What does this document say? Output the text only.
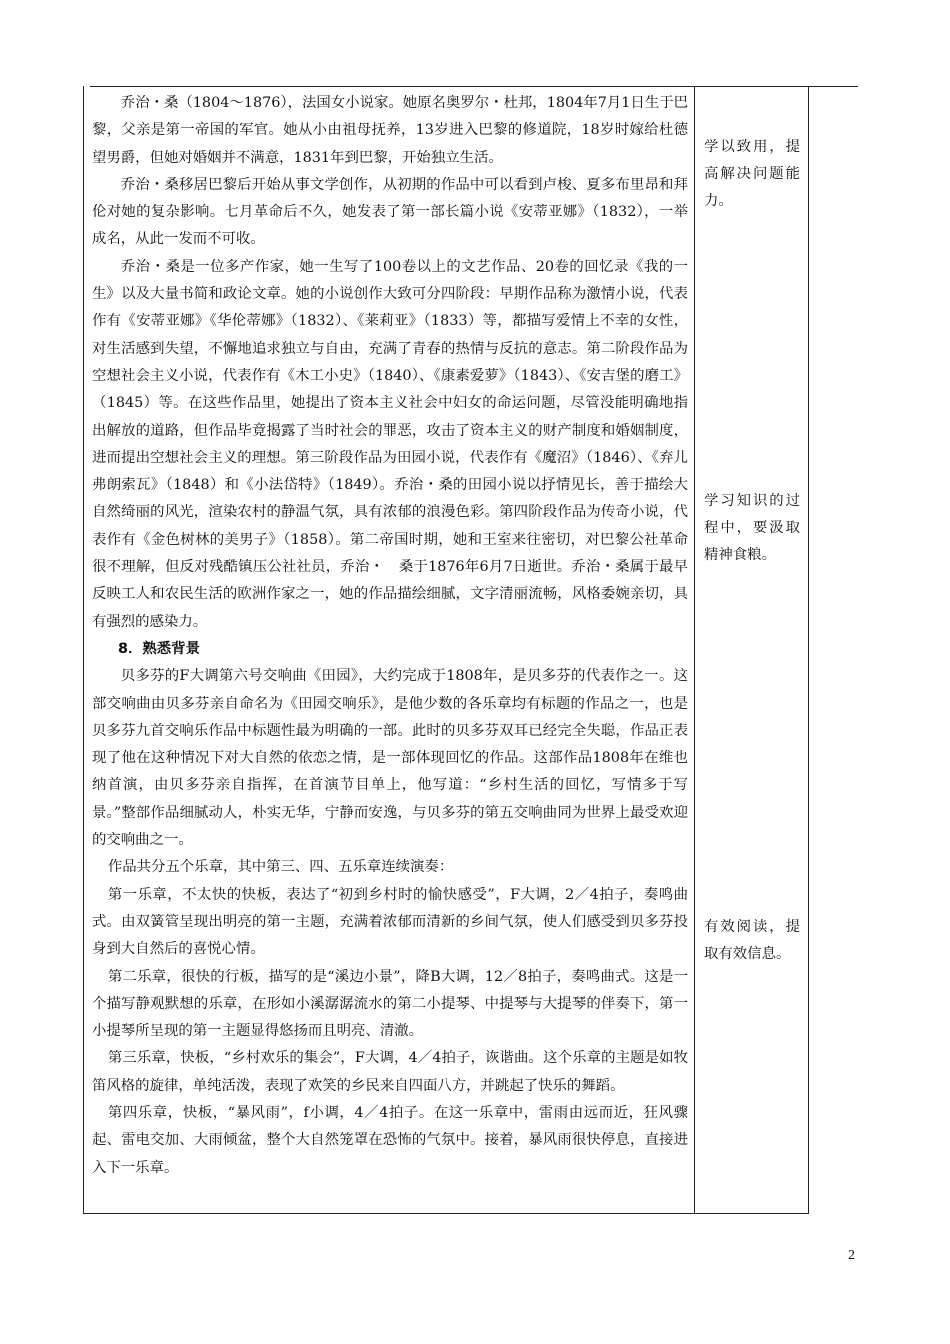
乔治・桑（1804～1876），法国女小说家。她原名奥罗尔・杜邦，1804年7月1日生于巴黎，父亲是第一帝国的军官。她从小由祖母抚养，13岁进入巴黎的修道院，18岁时嫁给杜德望男爵，但她对婚姻并不满意，1831年到巴黎，开始独立生活。

乔治・桑移居巴黎后开始从事文学创作，从初期的作品中可以看到卢梭、夏多布里昂和拜伦对她的复杂影响。七月革命后不久，她发表了第一部长篇小说《安蒂亚娜》（1832），一举成名，从此一发而不可收。

乔治・桑是一位多产作家，她一生写了100卷以上的文艺作品、20卷的回忆录《我的一生》以及大量书简和政论文章。她的小说创作大致可分四阶段：早期作品称为激情小说，代表作有《安蒂亚娜》《华伦蒂娜》（1832）、《莱莉亚》（1833）等，都描写爱情上不幸的女性，对生活感到失望，不懈地追求独立与自由，充满了青春的热情与反抗的意志。第二阶段作品为空想社会主义小说，代表作有《木工小史》（1840）、《康素爱萝》（1843）、《安吉堡的磨工》（1845）等。在这些作品里，她提出了资本主义社会中妇女的命运问题，尽管没能明确地指出解放的道路，但作品毕竟揭露了当时社会的罪恶，攻击了资本主义的财产制度和婚姻制度，进而提出空想社会主义的理想。第三阶段作品为田园小说，代表作有《魔沼》（1846）、《弃儿弗朗索瓦》（1848）和《小法岱特》（1849）。乔治・桑的田园小说以抒情见长，善于描绘大自然绮丽的风光，渲染农村的静温气氛，具有浓郁的浪漫色彩。第四阶段作品为传奇小说，代表作有《金色树林的美男子》（1858）。第二帝国时期，她和王室来往密切，对巴黎公社革命很不理解，但反对残酷镇压公社社员，乔治・　桑于1876年6月7日逝世。乔治・桑属于最早反映工人和农民生活的欧洲作家之一，她的作品描绘细腻，文字清丽流畅，风格委婉亲切，具有强烈的感染力。

8．熟悉背景

贝多芬的F大调第六号交响曲《田园》，大约完成于1808年，是贝多芬的代表作之一。这部交响曲由贝多芬亲自命名为《田园交响乐》，是他少数的各乐章均有标题的作品之一，也是贝多芬九首交响乐作品中标题性最为明确的一部。此时的贝多芬双耳已经完全失聪，作品正表现了他在这种情况下对大自然的依恋之情，是一部体现回忆的作品。这部作品1808年在维也纳首演，由贝多芬亲自指挥，在首演节目单上，他写道：“乡村生活的回忆，写情多于写景。”整部作品细腻动人，朴实无华，宁静而安逸，与贝多芬的第五交响曲同为世界上最受欢迎的交响曲之一。

作品共分五个乐章，其中第三、四、五乐章连续演奏：

第一乐章，不太快的快板，表达了“初到乡村时的愉快感受”，F大调，2／4拍子，奏鸣曲式。由双簧管呈现出明亮的第一主题，充满着浓郁而清新的乡间气氛，使人们感受到贝多芬投身到大自然后的喜悦心情。

第二乐章，很快的行板，描写的是“溪边小景”，降B大调，12／8拍子，奏鸣曲式。这是一个描写静观默想的乐章，在形如小溪潺潺流水的第二小提琴、中提琴与大提琴的伴奏下，第一小提琴所呈现的第一主题显得悠扬而且明亮、清澈。

第三乐章，快板，“乡村欢乐的集会”，F大调，4／4拍子，诙谐曲。这个乐章的主题是如牧笛风格的旋律，单纯活泼，表现了欢笑的乡民来自四面八方，并跳起了快乐的舞蹈。

第四乐章，快板，“暴风雨”，f小调，4／4拍子。在这一乐章中，雷雨由远而近，狂风骤起、雷电交加、大雨倾盆，整个大自然笼罩在恐怖的气氛中。接着，暴风雨很快停息，直接进入下一乐章。

学以致用，提高解决问题能力。
学习知识的过程中，要汲取精神食粮。
有效阅读，提取有效信息。
2
